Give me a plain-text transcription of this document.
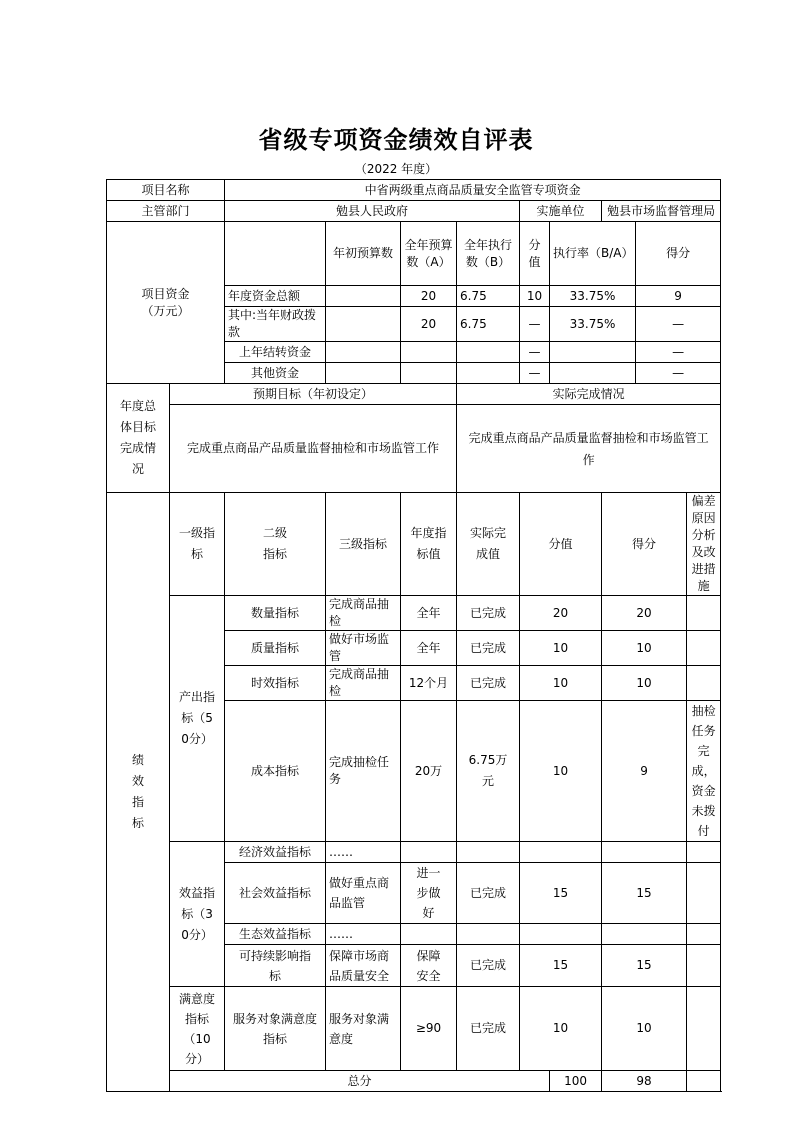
省级专项资金绩效自评表
（2022 年度）
项目名称		中省两级重点商品质量安全监管专项资金								
主管部门		勉县人民政府				实施单位		勉县市场监督管理局		
项目资金（万元）			年初预算数	全年预算数（A）	全年执行数（B）	分值	执行率（B/A）		得分	
		年度资金总额		20	6.75	10	33.75%		9	
		其中:当年财政拨款		20	6.75	—	33.75%		—	
		上年结转资金				—			—	
		其他资金				—			—	
年度总体目标完成情况	预期目标（年初设定）				实际完成情况					
	完成重点商品产品质量监督抽检和市场监管工作				完成重点商品产品质量监督抽检和市场监管工作					
绩效指标	一级指标	二级指标	三级指标	年度指标值	实际完成值	分值		得分		偏差原因分析及改进措施
	产出指标（50分）	数量指标	完成商品抽检	全年	已完成	20		20		
		质量指标	做好市场监管	全年	已完成	10		10		
		时效指标	完成商品抽检	12个月	已完成	10		10		
		成本指标	完成抽检任务	20万	6.75万元	10		9		抽检任务完成，资金未拨付
	效益指标（30分）	经济效益指标	……							
		社会效益指标	做好重点商品监管	进一步做好	已完成	15		15		
		生态效益指标	……							
		可持续影响指标	保障市场商品质量安全	保障安全	已完成	15		15		
	满意度指标（10分）	服务对象满意度指标	服务对象满意度	≥90	已完成	10		10		
	总分						100	98		
